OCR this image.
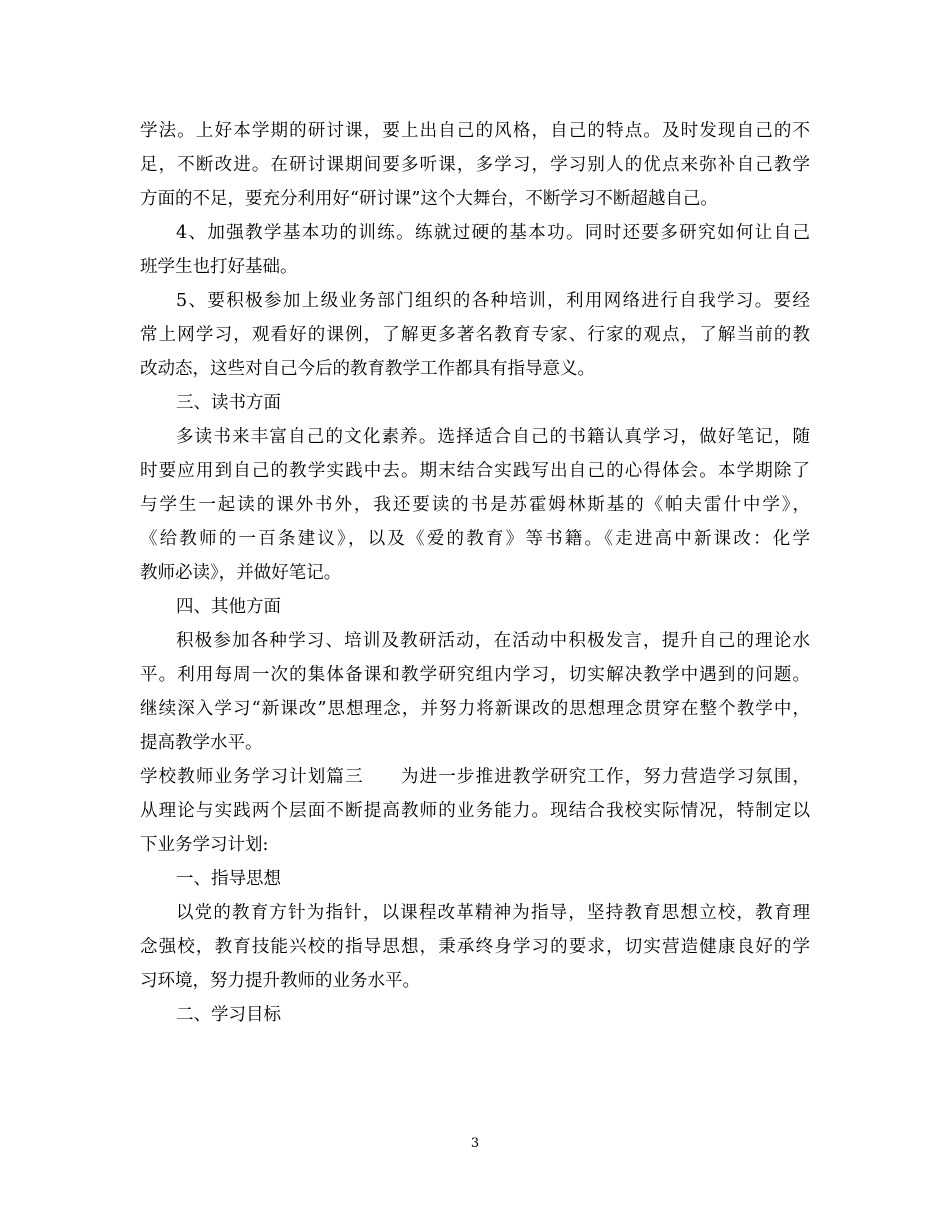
学法。上好本学期的研讨课，要上出自己的风格，自己的特点。及时发现自己的不
足，不断改进。在研讨课期间要多听课，多学习，学习别人的优点来弥补自己教学
方面的不足，要充分利用好“研讨课”这个大舞台，不断学习不断超越自己。
4、加强教学基本功的训练。练就过硬的基本功。同时还要多研究如何让自己
班学生也打好基础。
5、要积极参加上级业务部门组织的各种培训，利用网络进行自我学习。要经
常上网学习，观看好的课例，了解更多著名教育专家、行家的观点，了解当前的教
改动态，这些对自己今后的教育教学工作都具有指导意义。
三、读书方面
多读书来丰富自己的文化素养。选择适合自己的书籍认真学习，做好笔记，随
时要应用到自己的教学实践中去。期末结合实践写出自己的心得体会。本学期除了
与学生一起读的课外书外，我还要读的书是苏霍姆林斯基的《帕夫雷什中学》，
《给教师的一百条建议》，以及《爱的教育》等书籍。《走进高中新课改：化学
教师必读》，并做好笔记。
四、其他方面
积极参加各种学习、培训及教研活动，在活动中积极发言，提升自己的理论水
平。利用每周一次的集体备课和教学研究组内学习，切实解决教学中遇到的问题。
继续深入学习“新课改”思想理念，并努力将新课改的思想理念贯穿在整个教学中，
提高教学水平。
学校教师业务学习计划篇三　　为进一步推进教学研究工作，努力营造学习氛围，
从理论与实践两个层面不断提高教师的业务能力。现结合我校实际情况，特制定以
下业务学习计划:
一、指导思想
以党的教育方针为指针，以课程改革精神为指导，坚持教育思想立校，教育理
念强校，教育技能兴校的指导思想，秉承终身学习的要求，切实营造健康良好的学
习环境，努力提升教师的业务水平。
二、学习目标
3
